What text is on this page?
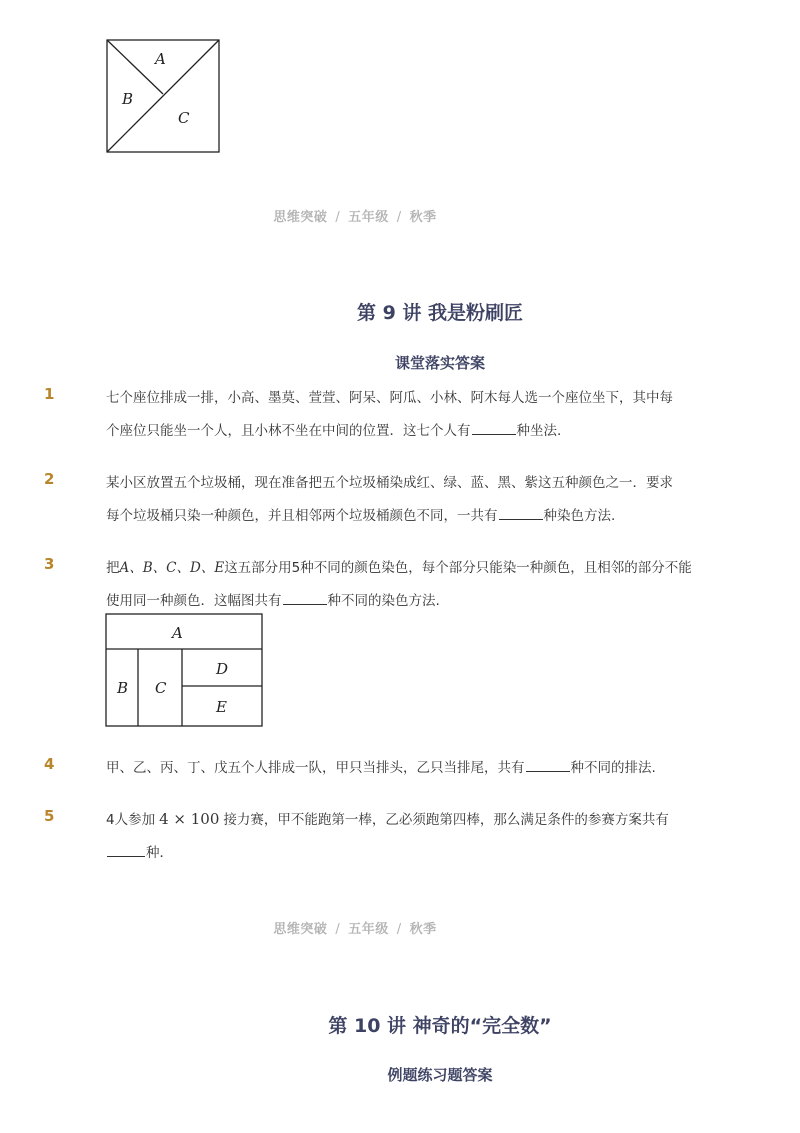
A
B
C
思维突破 / 五年级 / 秋季
第 9 讲 我是粉刷匠
课堂落实答案
1	七个座位排成一排，小高、墨莫、萱萱、阿呆、阿瓜、小林、阿木每人选一个座位坐下，其中每
个座位只能坐一个人，且小林不坐在中间的位置．这七个人有	种坐法.
2	某小区放置五个垃圾桶，现在准备把五个垃圾桶染成红、绿、蓝、黑、紫这五种颜色之一．要求
每个垃圾桶只染一种颜色，并且相邻两个垃圾桶颜色不同，一共有	种染色方法.
3	把A、B、C、D、E这五部分用5种不同的颜色染色，每个部分只能染一种颜色，且相邻的部分不能
使用同一种颜色．这幅图共有	种不同的染色方法.
A
B C
D
E
4	甲、乙、丙、丁、戊五个人排成一队，甲只当排头，乙只当排尾，共有	种不同的排法.
5	4人参加 4 × 100 接力赛，甲不能跑第一棒，乙必须跑第四棒，那么满足条件的参赛方案共有
种．
思维突破 / 五年级 / 秋季
第 10 讲 神奇的“完全数”
例题练习题答案
